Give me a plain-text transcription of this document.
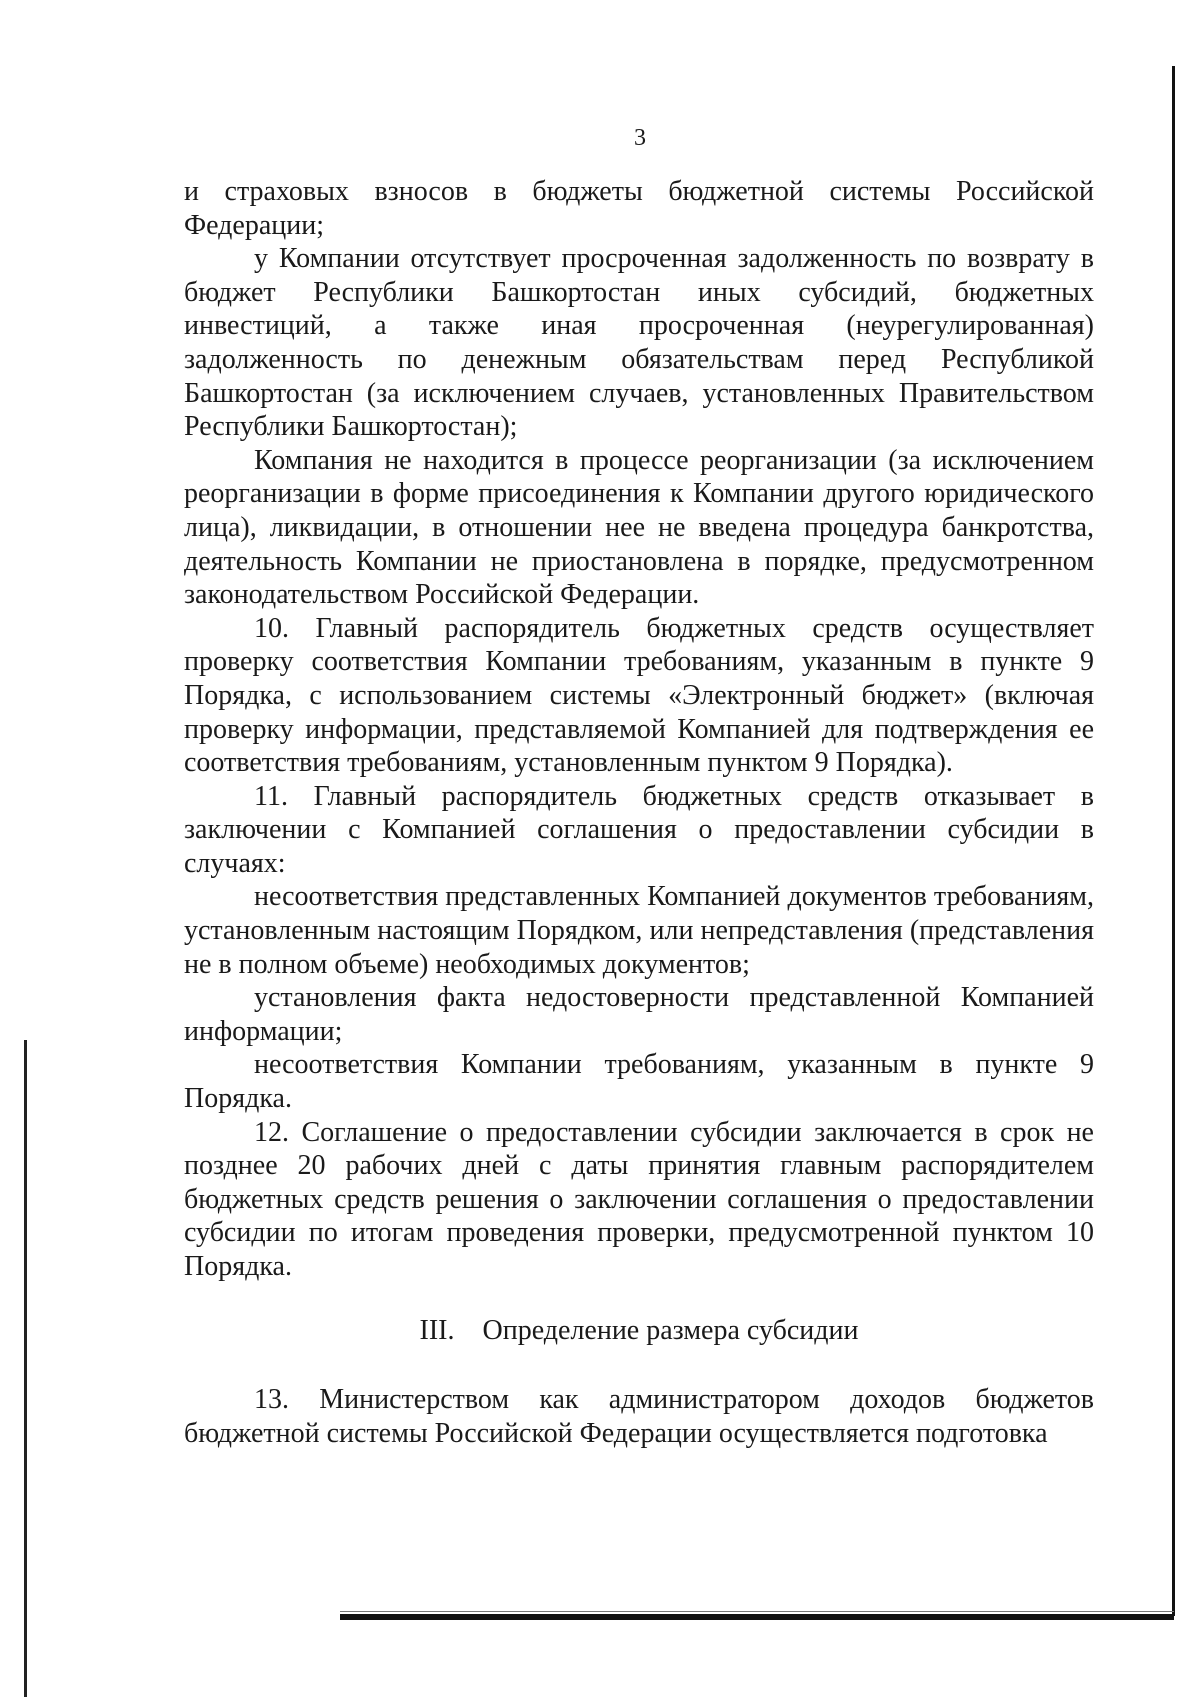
3

и страховых взносов в бюджеты бюджетной системы Российской Федерации;

у Компании отсутствует просроченная задолженность по возврату в бюджет Республики Башкортостан иных субсидий, бюджетных инвестиций, а также иная просроченная (неурегулированная) задолженность по денежным обязательствам перед Республикой Башкортостан (за исключением случаев, установленных Правительством Республики Башкортостан);

Компания не находится в процессе реорганизации (за исключением реорганизации в форме присоединения к Компании другого юридического лица), ликвидации, в отношении нее не введена процедура банкротства, деятельность Компании не приостановлена в порядке, предусмотренном законодательством Российской Федерации.

10. Главный распорядитель бюджетных средств осуществляет проверку соответствия Компании требованиям, указанным в пункте 9 Порядка, с использованием системы «Электронный бюджет» (включая проверку информации, представляемой Компанией для подтверждения ее соответствия требованиям, установленным пунктом 9 Порядка).

11. Главный распорядитель бюджетных средств отказывает в заключении с Компанией соглашения о предоставлении субсидии в случаях:

несоответствия представленных Компанией документов требованиям, установленным настоящим Порядком, или непредставления (представления не в полном объеме) необходимых документов;

установления факта недостоверности представленной Компанией информации;

несоответствия Компании требованиям, указанным в пункте 9 Порядка.

12. Соглашение о предоставлении субсидии заключается в срок не позднее 20 рабочих дней с даты принятия главным распорядителем бюджетных средств решения о заключении соглашения о предоставлении субсидии по итогам проведения проверки, предусмотренной пунктом 10 Порядка.

III. Определение размера субсидии

13. Министерством как администратором доходов бюджетов бюджетной системы Российской Федерации осуществляется подготовка
